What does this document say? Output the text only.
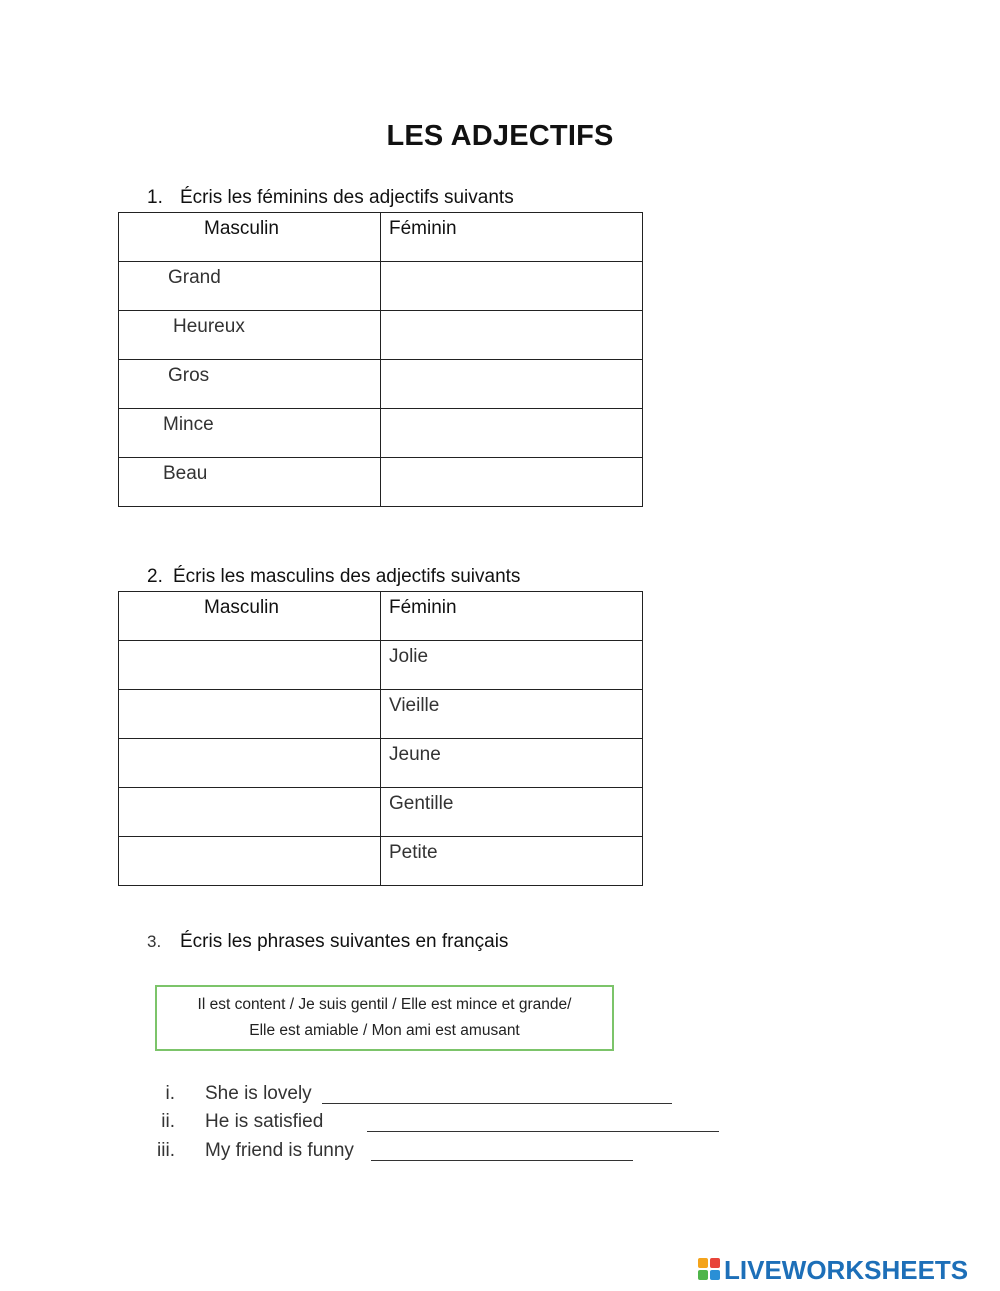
LES ADJECTIFS
1. Écris les féminins des adjectifs suivants
Masculin	Féminin

Grand	

Heureux	

Gros	

Mince	

Beau	

2. Écris les masculins des adjectifs suivants
Masculin	Féminin

	Jolie

	Vieille

	Jeune

	Gentille

	Petite
3. Écris les phrases suivantes en français
Il est content / Je suis gentil / Elle est mince et grande/
Elle est amiable / Mon ami est amusant
i. She is lovely
ii. He is satisfied
iii. My friend is funny
LIVEWORKSHEETS
